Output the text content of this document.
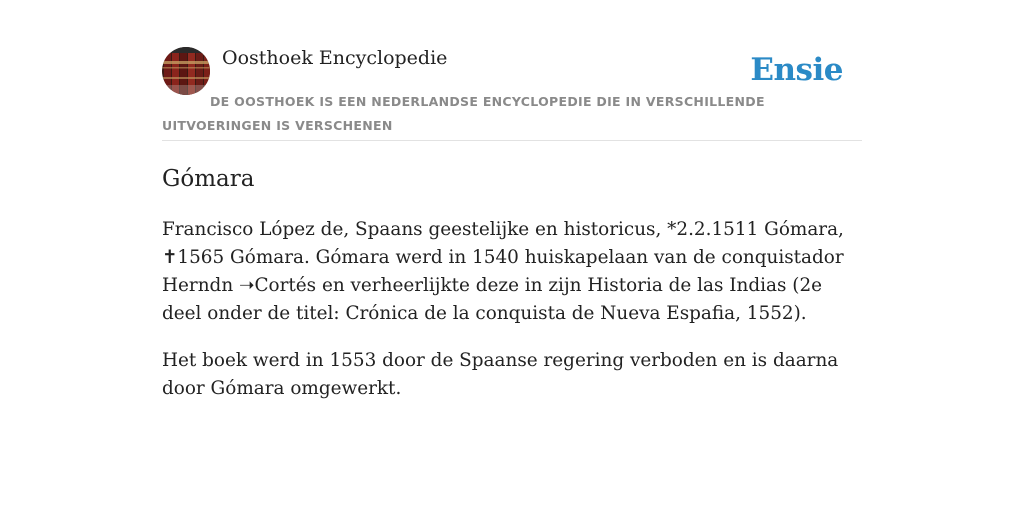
Oosthoek Encyclopedie	Ensie
DE OOSTHOEK IS EEN NEDERLANDSE ENCYCLOPEDIE DIE IN VERSCHILLENDE UITVOERINGEN IS VERSCHENEN
Gómara

Francisco López de, Spaans geestelijke en historicus, *2.2.1511 Gómara, ✝1565 Gómara. Gómara werd in 1540 huiskapelaan van de conquistador Herndn ➝Cortés en verheerlijkte deze in zijn Historia de las Indias (2e deel onder de titel: Crónica de la conquista de Nueva Espafia, 1552).

Het boek werd in 1553 door de Spaanse regering verboden en is daarna door Gómara omgewerkt.
